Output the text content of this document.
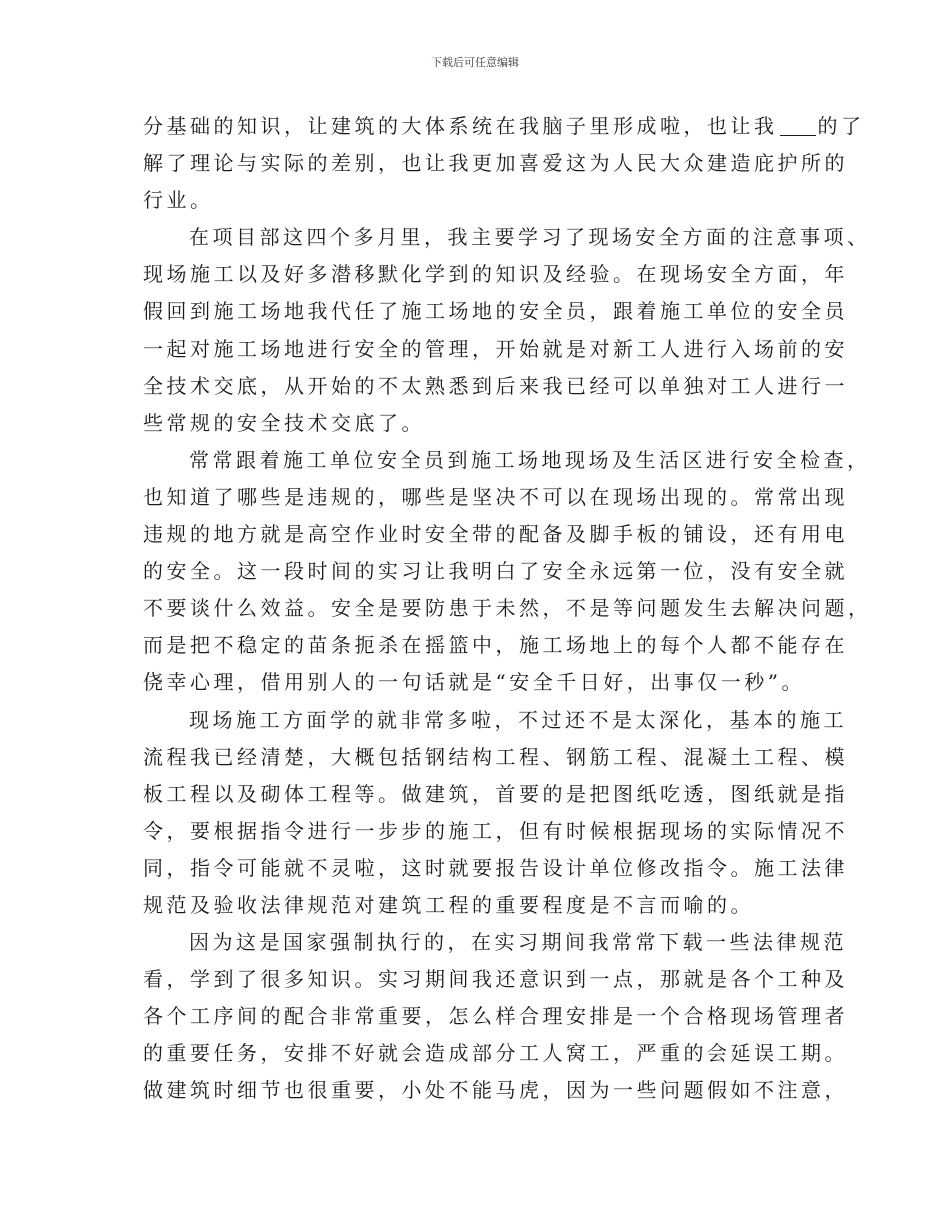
下载后可任意编辑
分基础的知识，让建筑的大体系统在我脑子里形成啦，也让我 的了
解了理论与实际的差别，也让我更加喜爱这为人民大众建造庇护所的
行业。
在项目部这四个多月里，我主要学习了现场安全方面的注意事项、
现场施工以及好多潜移默化学到的知识及经验。在现场安全方面，年
假回到施工场地我代任了施工场地的安全员，跟着施工单位的安全员
一起对施工场地进行安全的管理，开始就是对新工人进行入场前的安
全技术交底，从开始的不太熟悉到后来我已经可以单独对工人进行一
些常规的安全技术交底了。
常常跟着施工单位安全员到施工场地现场及生活区进行安全检查，
也知道了哪些是违规的，哪些是坚决不可以在现场出现的。常常出现
违规的地方就是高空作业时安全带的配备及脚手板的铺设，还有用电
的安全。这一段时间的实习让我明白了安全永远第一位，没有安全就
不要谈什么效益。安全是要防患于未然，不是等问题发生去解决问题，
而是把不稳定的苗条扼杀在摇篮中，施工场地上的每个人都不能存在
侥幸心理，借用别人的一句话就是“安全千日好，出事仅一秒”。
现场施工方面学的就非常多啦，不过还不是太深化，基本的施工
流程我已经清楚，大概包括钢结构工程、钢筋工程、混凝土工程、模
板工程以及砌体工程等。做建筑，首要的是把图纸吃透，图纸就是指
令，要根据指令进行一步步的施工，但有时候根据现场的实际情况不
同，指令可能就不灵啦，这时就要报告设计单位修改指令。施工法律
规范及验收法律规范对建筑工程的重要程度是不言而喻的。
因为这是国家强制执行的，在实习期间我常常下载一些法律规范
看，学到了很多知识。实习期间我还意识到一点，那就是各个工种及
各个工序间的配合非常重要，怎么样合理安排是一个合格现场管理者
的重要任务，安排不好就会造成部分工人窝工，严重的会延误工期。
做建筑时细节也很重要，小处不能马虎，因为一些问题假如不注意，
